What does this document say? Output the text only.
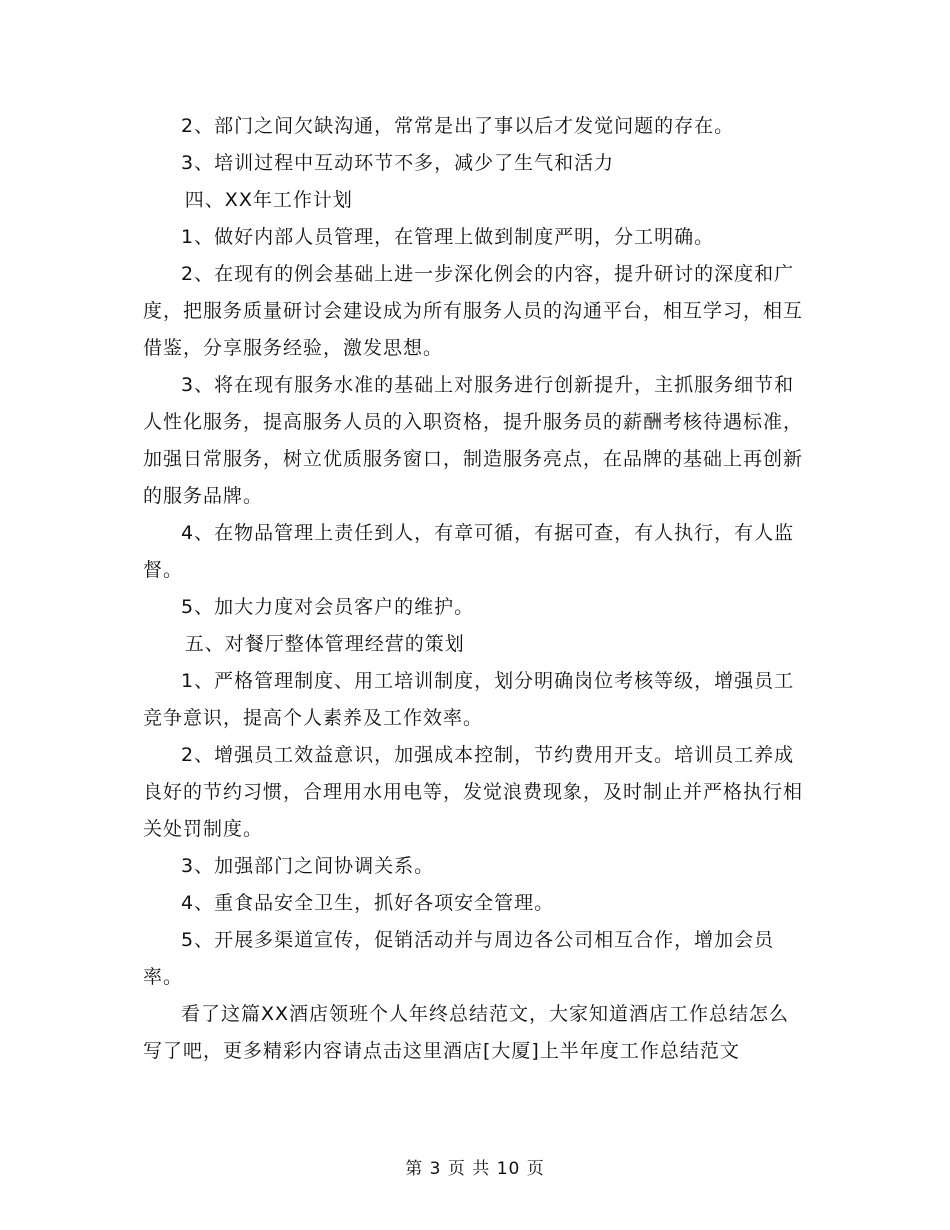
2、部门之间欠缺沟通，常常是出了事以后才发觉问题的存在。

3、培训过程中互动环节不多，减少了生气和活力

四、XX年工作计划

1、做好内部人员管理，在管理上做到制度严明，分工明确。

2、在现有的例会基础上进一步深化例会的内容，提升研讨的深度和广度，把服务质量研讨会建设成为所有服务人员的沟通平台，相互学习，相互借鉴，分享服务经验，激发思想。

3、将在现有服务水准的基础上对服务进行创新提升，主抓服务细节和人性化服务，提高服务人员的入职资格，提升服务员的薪酬考核待遇标准，加强日常服务，树立优质服务窗口，制造服务亮点，在品牌的基础上再创新的服务品牌。

4、在物品管理上责任到人，有章可循，有据可查，有人执行，有人监督。

5、加大力度对会员客户的维护。

五、对餐厅整体管理经营的策划

1、严格管理制度、用工培训制度，划分明确岗位考核等级，增强员工竞争意识，提高个人素养及工作效率。

2、增强员工效益意识，加强成本控制，节约费用开支。培训员工养成良好的节约习惯，合理用水用电等，发觉浪费现象，及时制止并严格执行相关处罚制度。

3、加强部门之间协调关系。

4、重食品安全卫生，抓好各项安全管理。

5、开展多渠道宣传，促销活动并与周边各公司相互合作，增加会员率。

看了这篇XX酒店领班个人年终总结范文，大家知道酒店工作总结怎么写了吧，更多精彩内容请点击这里酒店[大厦]上半年度工作总结范文

第 3 页 共 10 页
